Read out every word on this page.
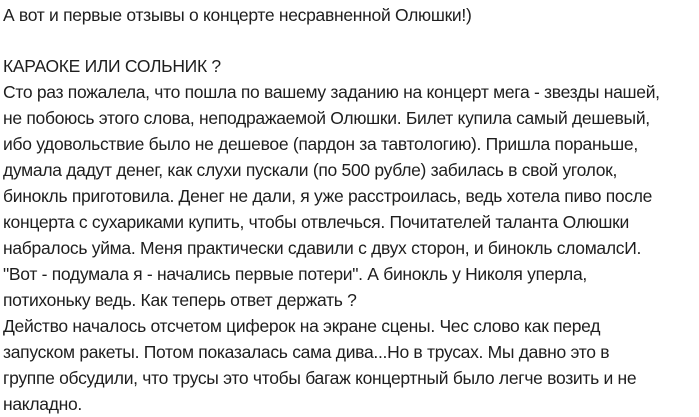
А вот и первые отзывы о концерте несравненной Олюшки!)
КАРАОКЕ ИЛИ СОЛЬНИК ?
Сто раз пожалела, что пошла по вашему заданию на концерт мега - звезды нашей,
не побоюсь этого слова, неподражаемой Олюшки. Билет купила самый дешевый,
ибо удовольствие было не дешевое (пардон за тавтологию). Пришла пораньше,
думала дадут денег, как слухи пускали (по 500 рубле) забилась в свой уголок,
бинокль приготовила. Денег не дали, я уже расстроилась, ведь хотела пиво после
концерта с сухариками купить, чтобы отвлечься. Почитателей таланта Олюшки
набралось уйма. Меня практически сдавили с двух сторон, и бинокль сломалсИ.
"Вот - подумала я - начались первые потери". А бинокль у Николя уперла,
потихоньку ведь. Как теперь ответ держать ?
Действо началось отсчетом циферок на экране сцены. Чес слово как перед
запуском ракеты. Потом показалась сама дива...Но в трусах. Мы давно это в
группе обсудили, что трусы это чтобы багаж концертный было легче возить и не
накладно.
